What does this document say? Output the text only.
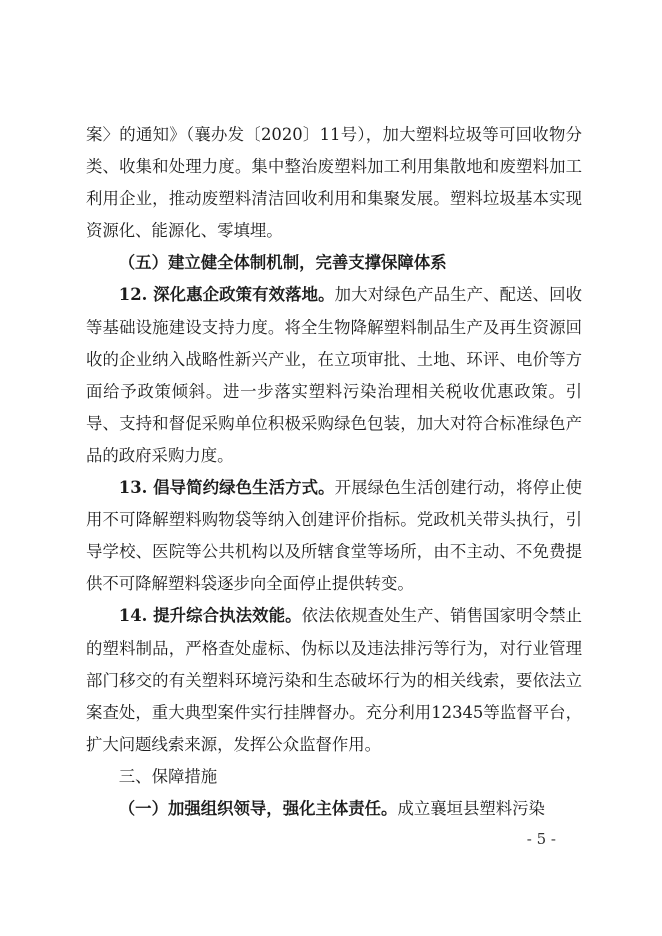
案〉的通知》（襄办发〔2020〕11号），加大塑料垃圾等可回收物分类、收集和处理力度。集中整治废塑料加工利用集散地和废塑料加工利用企业，推动废塑料清洁回收利用和集聚发展。塑料垃圾基本实现资源化、能源化、零填埋。

（五）建立健全体制机制，完善支撑保障体系

12. 深化惠企政策有效落地。加大对绿色产品生产、配送、回收等基础设施建设支持力度。将全生物降解塑料制品生产及再生资源回收的企业纳入战略性新兴产业，在立项审批、土地、环评、电价等方面给予政策倾斜。进一步落实塑料污染治理相关税收优惠政策。引导、支持和督促采购单位积极采购绿色包装，加大对符合标准绿色产品的政府采购力度。

13. 倡导简约绿色生活方式。开展绿色生活创建行动，将停止使用不可降解塑料购物袋等纳入创建评价指标。党政机关带头执行，引导学校、医院等公共机构以及所辖食堂等场所，由不主动、不免费提供不可降解塑料袋逐步向全面停止提供转变。

14. 提升综合执法效能。依法依规查处生产、销售国家明令禁止的塑料制品，严格查处虚标、伪标以及违法排污等行为，对行业管理部门移交的有关塑料环境污染和生态破坏行为的相关线索，要依法立案查处，重大典型案件实行挂牌督办。充分利用12345等监督平台，扩大问题线索来源，发挥公众监督作用。

三、保障措施

（一）加强组织领导，强化主体责任。成立襄垣县塑料污染

- 5 -
